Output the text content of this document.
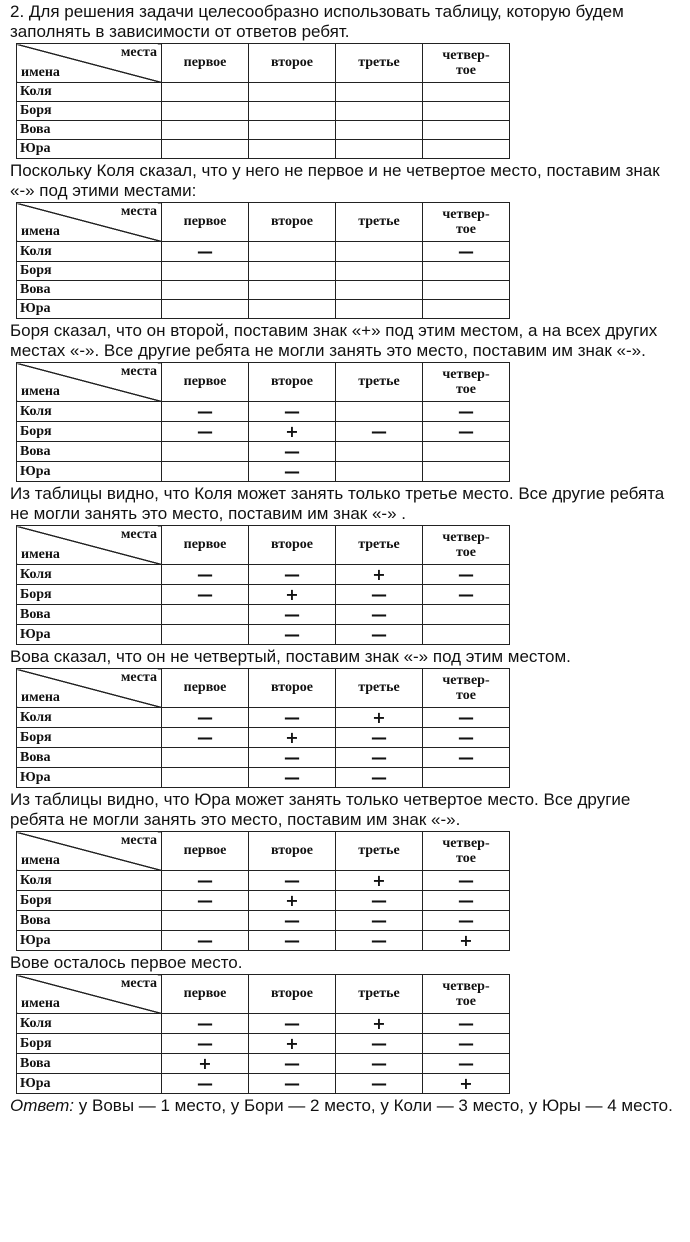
2. Для решения задачи целесообразно использовать таблицу, которую будем заполнять в зависимости от ответов ребят.
места
имена	первое	второе	третье	четвер-
тое
Коля				
Боря				
Вова				
Юра				
Поскольку Коля сказал, что у него не первое и не четвертое место, поставим знак «-» под этими местами:
места
имена	первое	второе	третье	четвер-
тое
Коля	—			—
Боря				
Вова				
Юра				
Боря сказал, что он второй, поставим знак «+» под этим местом, а на всех других местах «-». Все другие ребята не могли занять это место, поставим им знак «-».
места
имена	первое	второе	третье	четвер-
тое
Коля	—	—		—
Боря	—	+	—	—
Вова		—		
Юра		—		
Из таблицы видно, что Коля может занять только третье место. Все другие ребята не могли занять это место, поставим им знак «-» .
места
имена	первое	второе	третье	четвер-
тое
Коля	—	—	+	—
Боря	—	+	—	—
Вова		—	—	
Юра		—	—	
Вова сказал, что он не четвертый, поставим знак «-» под этим местом.
места
имена	первое	второе	третье	четвер-
тое
Коля	—	—	+	—
Боря	—	+	—	—
Вова		—	—	—
Юра		—	—	
Из таблицы видно, что Юра может занять только четвертое место. Все другие ребята не могли занять это место, поставим им знак «-».
места
имена	первое	второе	третье	четвер-
тое
Коля	—	—	+	—
Боря	—	+	—	—
Вова		—	—	—
Юра	—	—	—	+
Вове осталось первое место.
места
имена	первое	второе	третье	четвер-
тое
Коля	—	—	+	—
Боря	—	+	—	—
Вова	+	—	—	—
Юра	—	—	—	+
Ответ: у Вовы — 1 место, у Бори — 2 место, у Коли — 3 место, у Юры — 4 место.
